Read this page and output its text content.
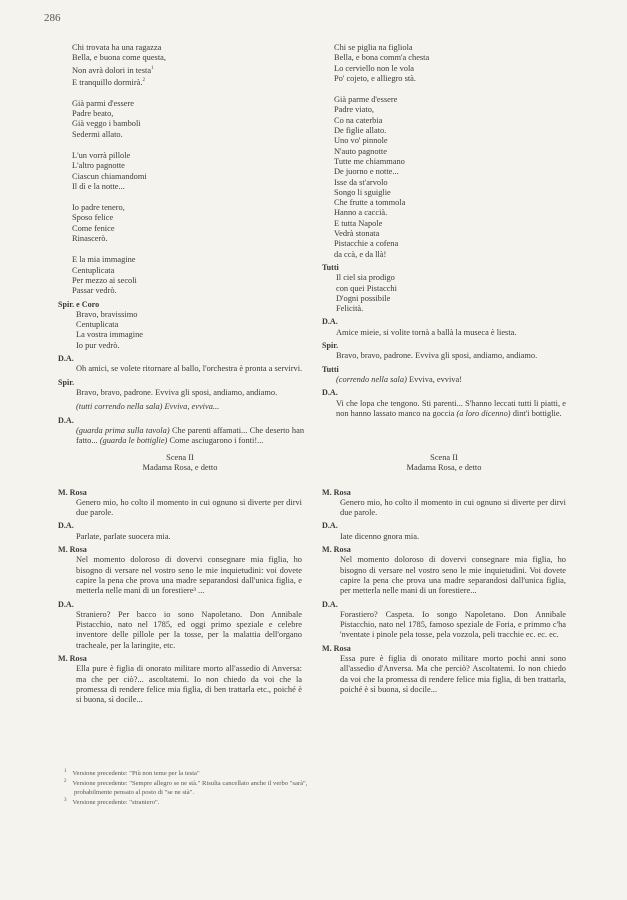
286
Chi trovata ha una ragazza
Bella, e buona come questa,
Non avrà dolori in testa$^1$
E tranquillo dormirà.$^2$
Già parmi d'essere
Padre beato,
Già veggo i bamboli
Sedermi allato.
L'un vorrà pillole
L'altro pagnotte
Ciascun chiamandomi
Il dì e la notte...
Io padre tenero,
Sposo felice
Come fenice
Rinascerò.
E la mia immagine
Centuplicata
Per mezzo ai secoli
Passar vedrò.
Spir. e Coro
Bravo, bravissimo
Centuplicata
La vostra immagine
Io pur vedrò.
D.A.

Oh amici, se volete ritornare al ballo, l'orchestra è pronta a servirvi.

Spir.

Bravo, bravo, padrone. Evviva gli sposi, andiamo, andiamo.

(tutti correndo nella sala) Evviva, evviva...

D.A.

(guarda prima sulla tavola) Che parenti affamati... Che deserto han fatto... (guarda le bottiglie) Come asciugarono i fonti!...

Chi se piglia na figliola
Bella, e bona comm'a chesta
Lo cerviello non le vola
Po' cojeto, e alliegro stà.
Già parme d'essere
Padre viato,
Co na caterbia
De figlie allato.
Uno vo' pinnole
N'auto pagnotte
Tutte me chiammano
De juorno e notte...
Isse da st'arvolo
Songo li sguiglie
Che frutte a tommola
Hanno a caccià.
E tutta Napole
Vedrà stonata
Pistacchie a cofena
da ccà, e da llà!
Tutti
Il ciel sia prodigo
con quei Pistacchi
D'ogni possibile
Felicità.
D.A.

Amice mieie, si volite tornà a ballà la museca è liesta.

Spir.

Bravo, bravo, padrone. Evviva gli sposi, andiamo, andiamo.

Tutti

(correndo nella sala) Evviva, evviva!

D.A.

Vi che lopa che tengono. Sti parenti... S'hanno leccati tutti li piatti, e non hanno lassato manco na goccia (a loro dicenno) dint'i bottiglie.

Scena II
Madama Rosa, e detto
M. Rosa

Genero mio, ho colto il momento in cui ognuno si diverte per dirvi due parole.

D.A.

Parlate, parlate suocera mia.

M. Rosa

Nel momento doloroso di dovervi consegnare mia figlia, ho bisogno di versare nel vostro seno le mie inquietudini: voi dovete capire la pena che prova una madre separandosi dall'unica figlia, e metterla nelle mani di un forestiere³ ...

D.A.

Straniero? Per bacco io sono Napoletano. Don Annibale Pistacchio, nato nel 1785, ed oggi primo speziale e celebre inventore delle pillole per la tosse, per la malattia dell'organo tracheale, per la laringite, etc.

M. Rosa

Ella pure è figlia di onorato militare morto all'assedio di Anversa: ma che per ciò?... ascoltatemi. Io non chiedo da voi che la promessa di rendere felice mia figlia, di ben trattarla etc., poiché è si buona, sì docile...

Scena II
Madama Rosa, e detto
M. Rosa

Genero mio, ho colto il momento in cui ognuno si diverte per dirvi due parole.

D.A.

Iate dicenno gnora mia.

M. Rosa

Nel momento doloroso di dovervi consegnare mia figlia, ho bisogno di versare nel vostro seno le mie inquietudini. Voi dovete capire la pena che prova una madre separandosi dall'unica figlia, per metterla nelle mani di un forestiere...

D.A.

Forastiero? Caspeta. Io songo Napoletano. Don Annibale Pistacchio, nato nel 1785, famoso speziale de Foria, e primmo c'ha 'nventate i pinole pela tosse, pela vozzola, peli tracchie ec. ec. ec.

M. Rosa

Essa pure è figlia di onorato militare morto pochi anni sono all'assedio d'Anversa. Ma che perciò? Ascoltatemi. Io non chiedo da voi che la promessa di rendere felice mia figlia, di ben trattarla, poiché è sì buona, sì docile...

$^1$ Versione precedente: "Più non teme per la testa"
$^2$ Versione precedente: "Sempre allegro se ne stà." Risulta cancellato anche il verbo "sarà", probabilmente pensato al posto di "se ne stà".
$^3$ Versione precedente: "straniero".
